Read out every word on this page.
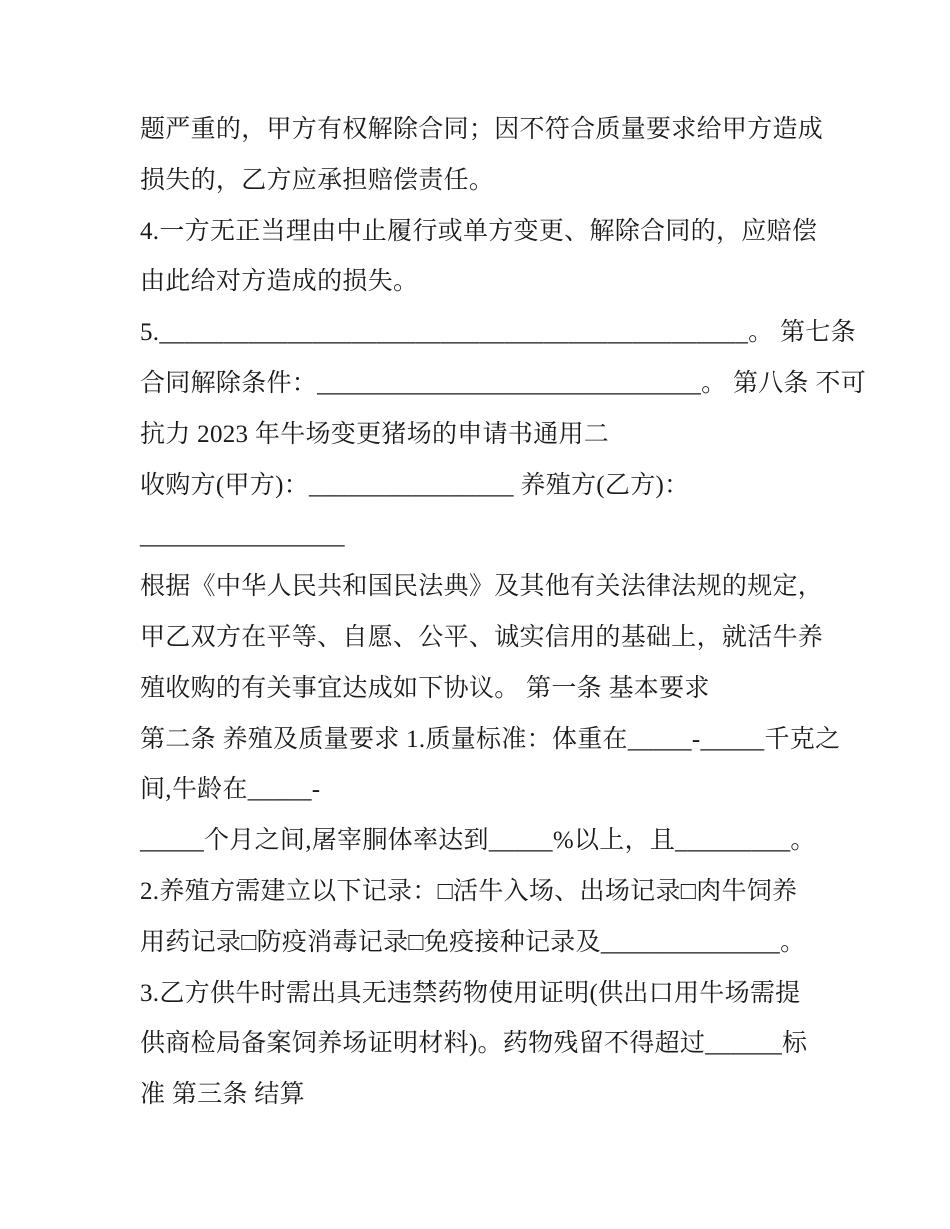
题严重的，甲方有权解除合同；因不符合质量要求给甲方造成
损失的，乙方应承担赔偿责任。
4.一方无正当理由中止履行或单方变更、解除合同的，应赔偿
由此给对方造成的损失。
5.______________________________________________。 第七条
合同解除条件：______________________________。 第八条 不可
抗力 2023 年牛场变更猪场的申请书通用二
收购方(甲方)：________________ 养殖方(乙方)：
________________
根据《中华人民共和国民法典》及其他有关法律法规的规定，
甲乙双方在平等、自愿、公平、诚实信用的基础上，就活牛养
殖收购的有关事宜达成如下协议。 第一条 基本要求
第二条 养殖及质量要求 1.质量标准：体重在_____-_____千克之
间,牛龄在_____-
_____个月之间,屠宰胴体率达到_____%以上，且_________。
2.养殖方需建立以下记录：□活牛入场、出场记录□肉牛饲养
用药记录□防疫消毒记录□免疫接种记录及______________。
3.乙方供牛时需出具无违禁药物使用证明(供出口用牛场需提
供商检局备案饲养场证明材料)。药物残留不得超过______标
准 第三条 结算
